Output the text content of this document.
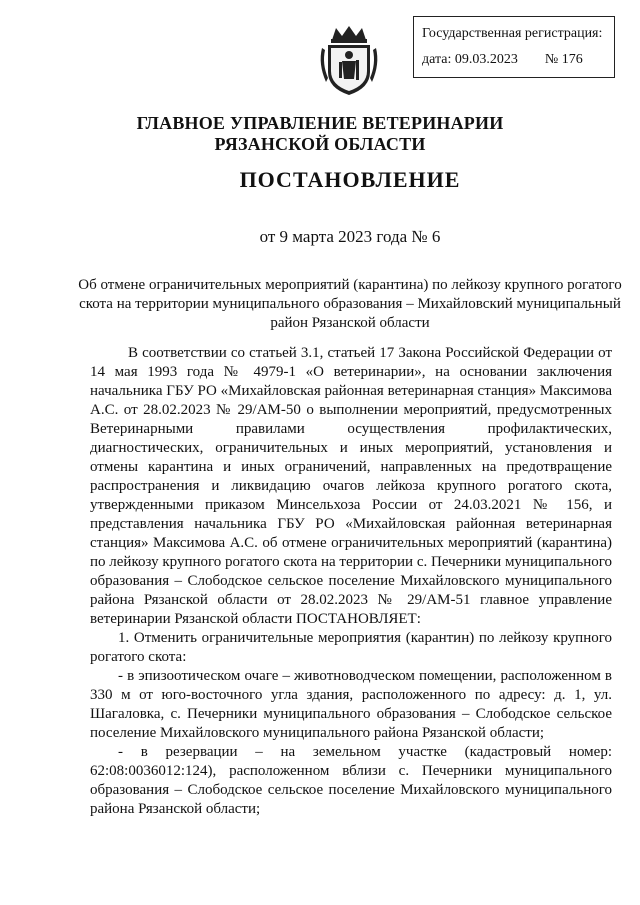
Государственная регистрация:
дата: 09.03.2023 № 176
ГЛАВНОЕ УПРАВЛЕНИЕ ВЕТЕРИНАРИИ
РЯЗАНСКОЙ ОБЛАСТИ
ПОСТАНОВЛЕНИЕ
от 9 марта 2023 года № 6
Об отмене ограничительных мероприятий (карантина) по лейкозу крупного рогатого скота на территории муниципального образования – Михайловский муниципальный район Рязанской области

В соответствии со статьей 3.1, статьей 17 Закона Российской Федерации от 14 мая 1993 года № 4979-1 «О ветеринарии», на основании заключения начальника ГБУ РО «Михайловская районная ветеринарная станция» Максимова А.С. от 28.02.2023 № 29/АМ-50 о выполнении мероприятий, предусмотренных Ветеринарными правилами осуществления профилактических, диагностических, ограничительных и иных мероприятий, установления и отмены карантина и иных ограничений, направленных на предотвращение распространения и ликвидацию очагов лейкоза крупного рогатого скота, утвержденными приказом Минсельхоза России от 24.03.2021 № 156, и представления начальника ГБУ РО «Михайловская районная ветеринарная станция» Максимова А.С. об отмене ограничительных мероприятий (карантина) по лейкозу крупного рогатого скота на территории с. Печерники муниципального образования – Слободское сельское поселение Михайловского муниципального района Рязанской области от 28.02.2023 № 29/АМ-51 главное управление ветеринарии Рязанской области ПОСТАНОВЛЯЕТ:

1. Отменить ограничительные мероприятия (карантин) по лейкозу крупного рогатого скота:

- в эпизоотическом очаге – животноводческом помещении, расположенном в 330 м от юго-восточного угла здания, расположенного по адресу: д. 1, ул. Шагаловка, с. Печерники муниципального образования – Слободское сельское поселение Михайловского муниципального района Рязанской области;

- в резервации – на земельном участке (кадастровый номер: 62:08:0036012:124), расположенном вблизи с. Печерники муниципального образования – Слободское сельское поселение Михайловского муниципального района Рязанской области;
